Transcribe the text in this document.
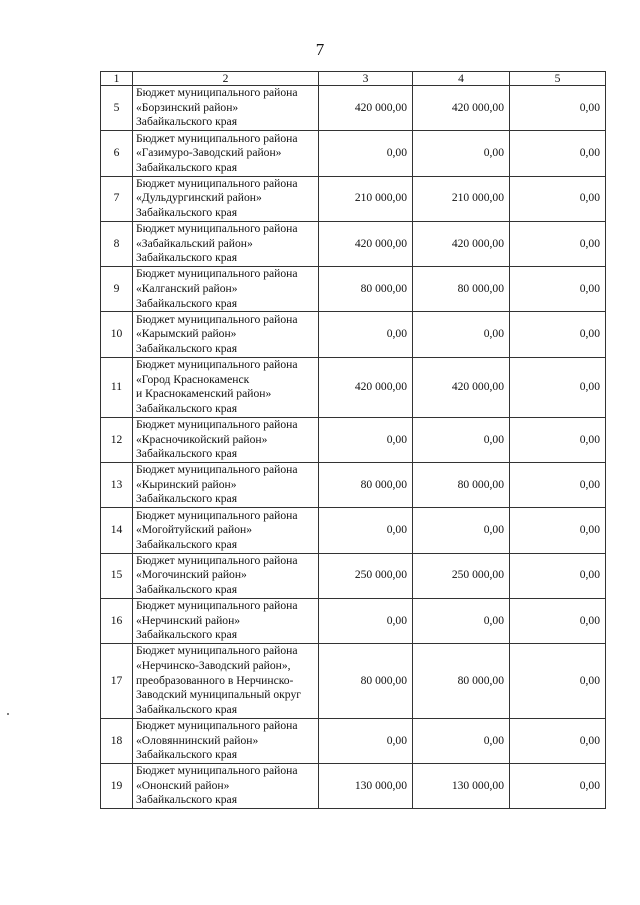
7
1	2	3	4	5
5	Бюджет муниципального района
«Борзинский район»
Забайкальского края	420 000,00	420 000,00	0,00
6	Бюджет муниципального района
«Газимуро-Заводский район»
Забайкальского края	0,00	0,00	0,00
7	Бюджет муниципального района
«Дульдургинский район»
Забайкальского края	210 000,00	210 000,00	0,00
8	Бюджет муниципального района
«Забайкальский район»
Забайкальского края	420 000,00	420 000,00	0,00
9	Бюджет муниципального района
«Калганский район»
Забайкальского края	80 000,00	80 000,00	0,00
10	Бюджет муниципального района
«Карымский район»
Забайкальского края	0,00	0,00	0,00
11	Бюджет муниципального района
«Город Краснокаменск
и Краснокаменский район»
Забайкальского края	420 000,00	420 000,00	0,00
12	Бюджет муниципального района
«Красночикойский район»
Забайкальского края	0,00	0,00	0,00
13	Бюджет муниципального района
«Кыринский район»
Забайкальского края	80 000,00	80 000,00	0,00
14	Бюджет муниципального района
«Могойтуйский район»
Забайкальского края	0,00	0,00	0,00
15	Бюджет муниципального района
«Могочинский район»
Забайкальского края	250 000,00	250 000,00	0,00
16	Бюджет муниципального района
«Нерчинский район»
Забайкальского края	0,00	0,00	0,00
17	Бюджет муниципального района
«Нерчинско-Заводский район»,
преобразованного в Нерчинско-
Заводский муниципальный округ
Забайкальского края	80 000,00	80 000,00	0,00
18	Бюджет муниципального района
«Оловяннинский район»
Забайкальского края	0,00	0,00	0,00
19	Бюджет муниципального района
«Ононский район»
Забайкальского края	130 000,00	130 000,00	0,00
